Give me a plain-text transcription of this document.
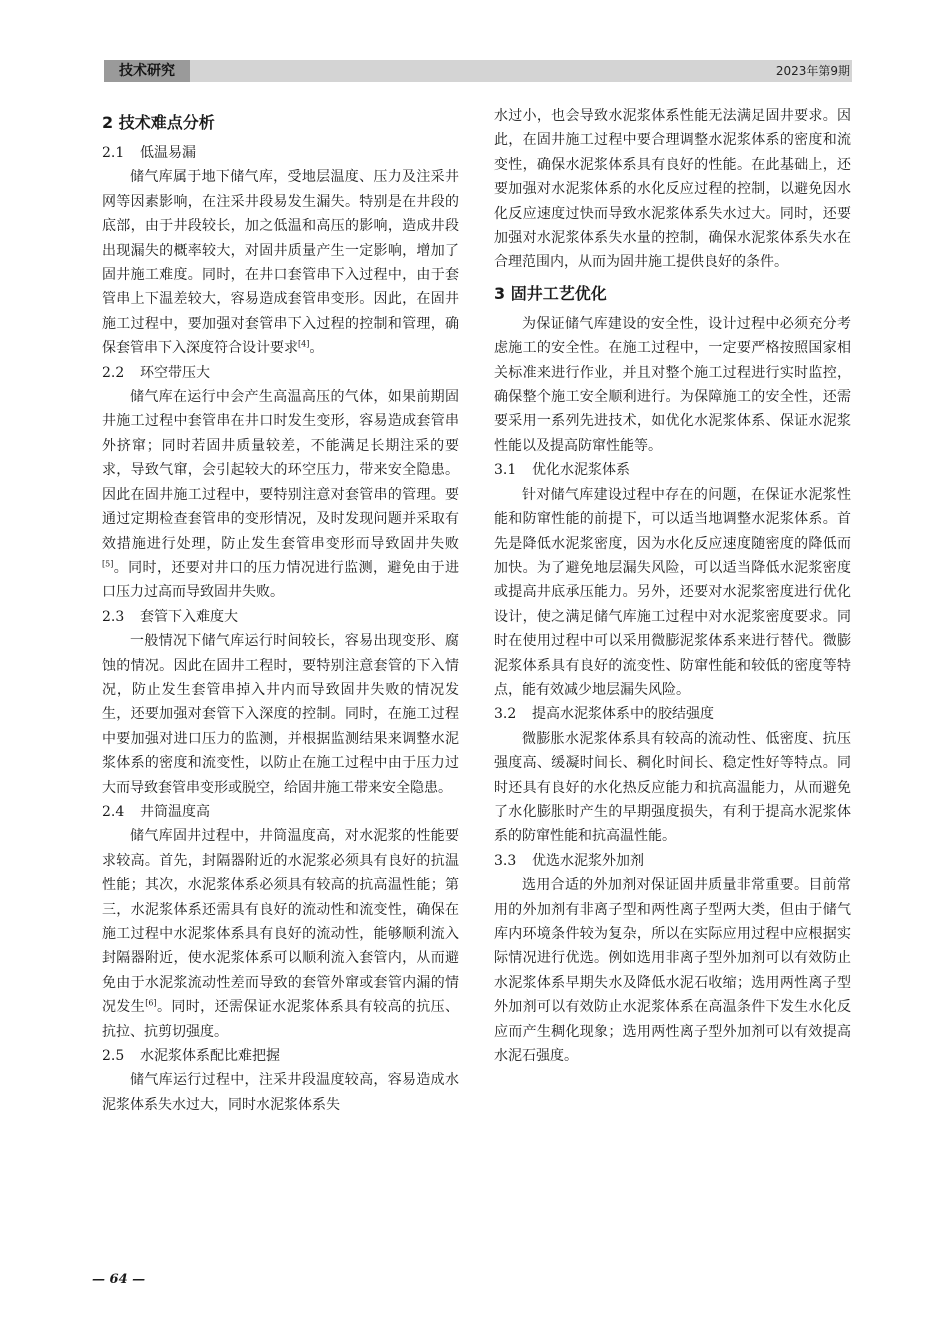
技术研究	2023年第9期
2 技术难点分析
2.1 低温易漏

储气库属于地下储气库，受地层温度、压力及注采井网等因素影响，在注采井段易发生漏失。特别是在井段的底部，由于井段较长，加之低温和高压的影响，造成井段出现漏失的概率较大，对固井质量产生一定影响，增加了固井施工难度。同时，在井口套管串下入过程中，由于套管串上下温差较大，容易造成套管串变形。因此，在固井施工过程中，要加强对套管串下入过程的控制和管理，确保套管串下入深度符合设计要求[4]。

2.2 环空带压大

储气库在运行中会产生高温高压的气体，如果前期固井施工过程中套管串在井口时发生变形，容易造成套管串外挤窜；同时若固井质量较差，不能满足长期注采的要求，导致气窜，会引起较大的环空压力，带来安全隐患。因此在固井施工过程中，要特别注意对套管串的管理。要通过定期检查套管串的变形情况，及时发现问题并采取有效措施进行处理，防止发生套管串变形而导致固井失败[5]。同时，还要对井口的压力情况进行监测，避免由于进口压力过高而导致固井失败。

2.3 套管下入难度大

一般情况下储气库运行时间较长，容易出现变形、腐蚀的情况。因此在固井工程时，要特别注意套管的下入情况，防止发生套管串掉入井内而导致固井失败的情况发生，还要加强对套管下入深度的控制。同时，在施工过程中要加强对进口压力的监测，并根据监测结果来调整水泥浆体系的密度和流变性，以防止在施工过程中由于压力过大而导致套管串变形或脱空，给固井施工带来安全隐患。

2.4 井筒温度高

储气库固井过程中，井筒温度高，对水泥浆的性能要求较高。首先，封隔器附近的水泥浆必须具有良好的抗温性能；其次，水泥浆体系必须具有较高的抗高温性能；第三，水泥浆体系还需具有良好的流动性和流变性，确保在施工过程中水泥浆体系具有良好的流动性，能够顺利流入封隔器附近，使水泥浆体系可以顺利流入套管内，从而避免由于水泥浆流动性差而导致的套管外窜或套管内漏的情况发生[6]。同时，还需保证水泥浆体系具有较高的抗压、抗拉、抗剪切强度。

2.5 水泥浆体系配比难把握

储气库运行过程中，注采井段温度较高，容易造成水泥浆体系失水过大，同时水泥浆体系失

水过小，也会导致水泥浆体系性能无法满足固井要求。因此，在固井施工过程中要合理调整水泥浆体系的密度和流变性，确保水泥浆体系具有良好的性能。在此基础上，还要加强对水泥浆体系的水化反应过程的控制，以避免因水化反应速度过快而导致水泥浆体系失水过大。同时，还要加强对水泥浆体系失水量的控制，确保水泥浆体系失水在合理范围内，从而为固井施工提供良好的条件。

3 固井工艺优化

为保证储气库建设的安全性，设计过程中必须充分考虑施工的安全性。在施工过程中，一定要严格按照国家相关标准来进行作业，并且对整个施工过程进行实时监控，确保整个施工安全顺利进行。为保障施工的安全性，还需要采用一系列先进技术，如优化水泥浆体系、保证水泥浆性能以及提高防窜性能等。

3.1 优化水泥浆体系

针对储气库建设过程中存在的问题，在保证水泥浆性能和防窜性能的前提下，可以适当地调整水泥浆体系。首先是降低水泥浆密度，因为水化反应速度随密度的降低而加快。为了避免地层漏失风险，可以适当降低水泥浆密度或提高井底承压能力。另外，还要对水泥浆密度进行优化设计，使之满足储气库施工过程中对水泥浆密度要求。同时在使用过程中可以采用微膨泥浆体系来进行替代。微膨泥浆体系具有良好的流变性、防窜性能和较低的密度等特点，能有效减少地层漏失风险。

3.2 提高水泥浆体系中的胶结强度

微膨胀水泥浆体系具有较高的流动性、低密度、抗压强度高、缓凝时间长、稠化时间长、稳定性好等特点。同时还具有良好的水化热反应能力和抗高温能力，从而避免了水化膨胀时产生的早期强度损失，有利于提高水泥浆体系的防窜性能和抗高温性能。

3.3 优选水泥浆外加剂

选用合适的外加剂对保证固井质量非常重要。目前常用的外加剂有非离子型和两性离子型两大类，但由于储气库内环境条件较为复杂，所以在实际应用过程中应根据实际情况进行优选。例如选用非离子型外加剂可以有效防止水泥浆体系早期失水及降低水泥石收缩；选用两性离子型外加剂可以有效防止水泥浆体系在高温条件下发生水化反应而产生稠化现象；选用两性离子型外加剂可以有效提高水泥石强度。

— 64 —
